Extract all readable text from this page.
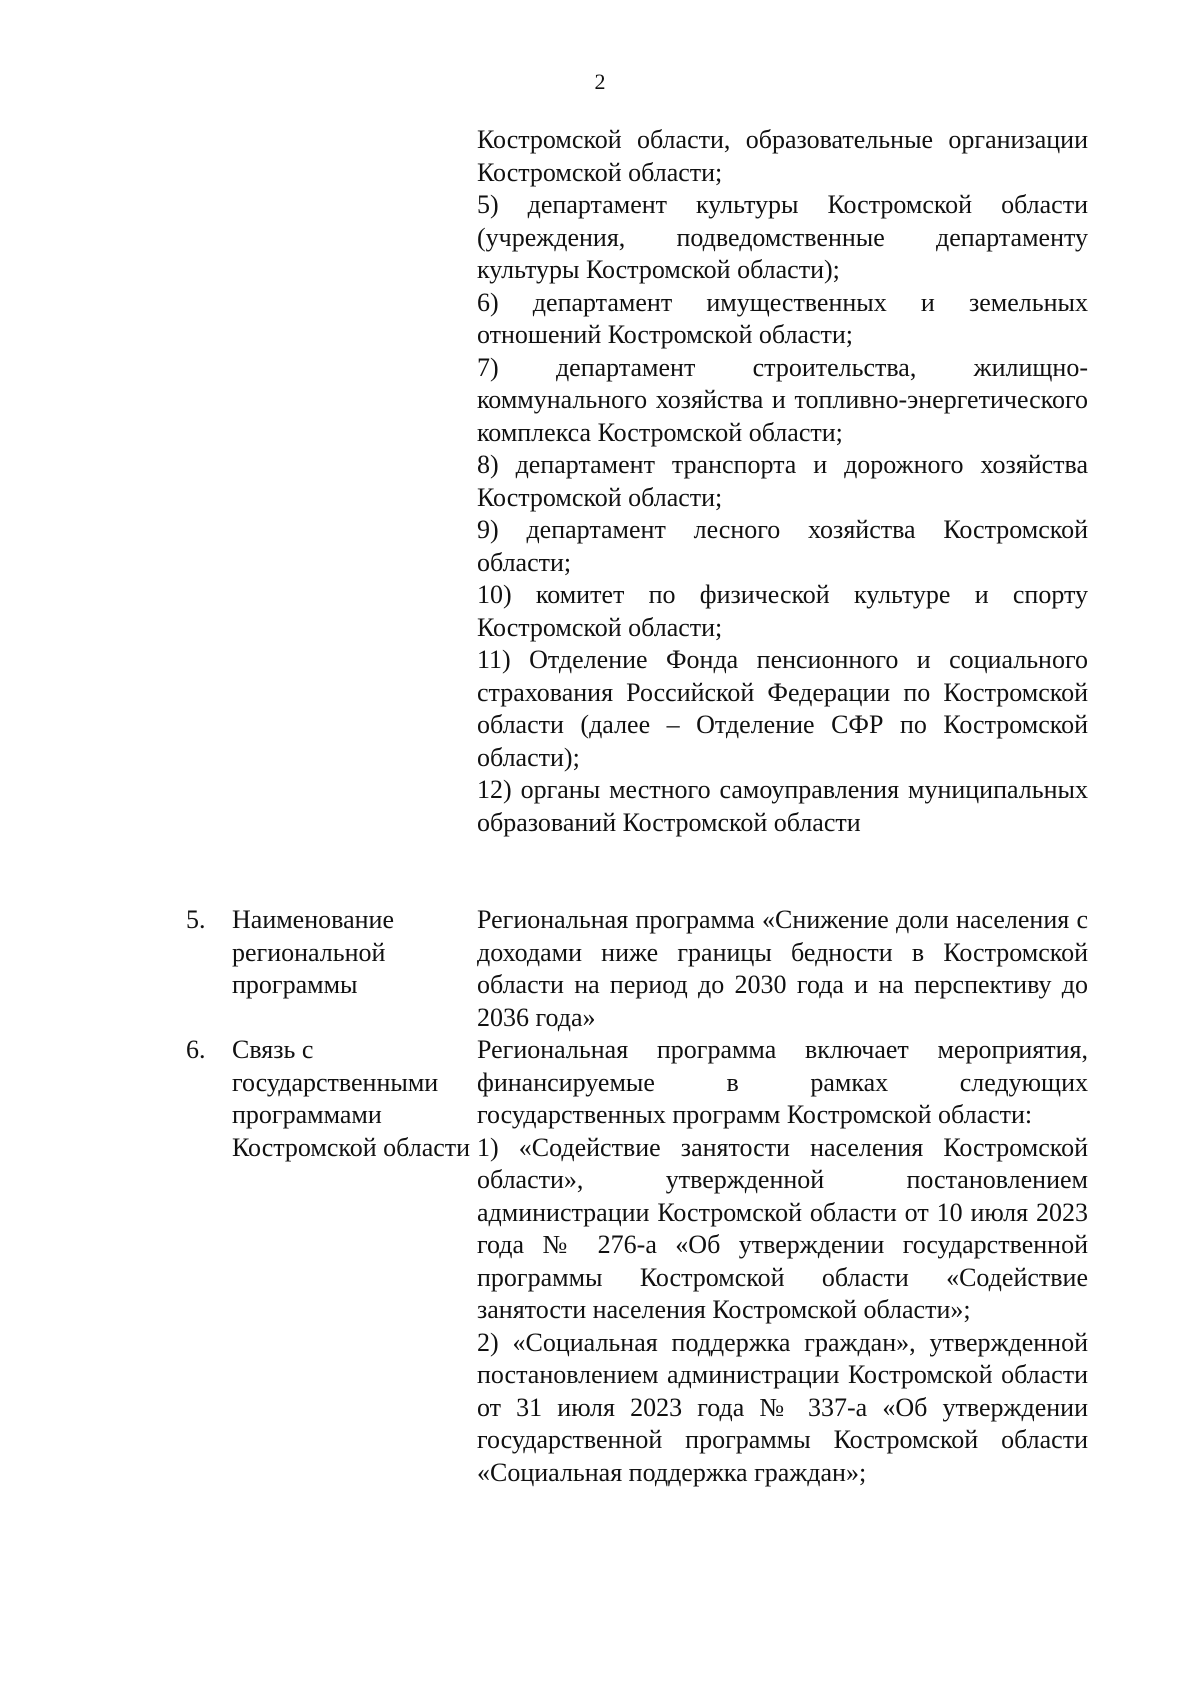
2

Костромской области, образовательные организации Костромской области;

5) департамент культуры Костромской области (учреждения, подведомственные департаменту культуры Костромской области);

6) департамент имущественных и земельных отношений Костромской области;

7) департамент строительства, жилищно-коммунального хозяйства и топливно-энергетического комплекса Костромской области;

8) департамент транспорта и дорожного хозяйства Костромской области;

9) департамент лесного хозяйства Костромской области;

10) комитет по физической культуре и спорту Костромской области;

11) Отделение Фонда пенсионного и социального страхования Российской Федерации по Костромской области (далее – Отделение СФР по Костромской области);

12) органы местного самоуправления муниципальных образований Костромской области

5.	Наименование региональной программы

Региональная программа «Снижение доли населения с доходами ниже границы бедности в Костромской области на период до 2030 года и на перспективу до 2036 года»

6.	Связь с государственными программами Костромской области

Региональная программа включает мероприятия, финансируемые в рамках следующих государственных программ Костромской области:

1) «Содействие занятости населения Костромской области», утвержденной постановлением администрации Костромской области от 10 июля 2023 года № 276-а «Об утверждении государственной программы Костромской области «Содействие занятости населения Костромской области»;

2) «Социальная поддержка граждан», утвержденной постановлением администрации Костромской области от 31 июля 2023 года № 337-а «Об утверждении государственной программы Костромской области «Социальная поддержка граждан»;
